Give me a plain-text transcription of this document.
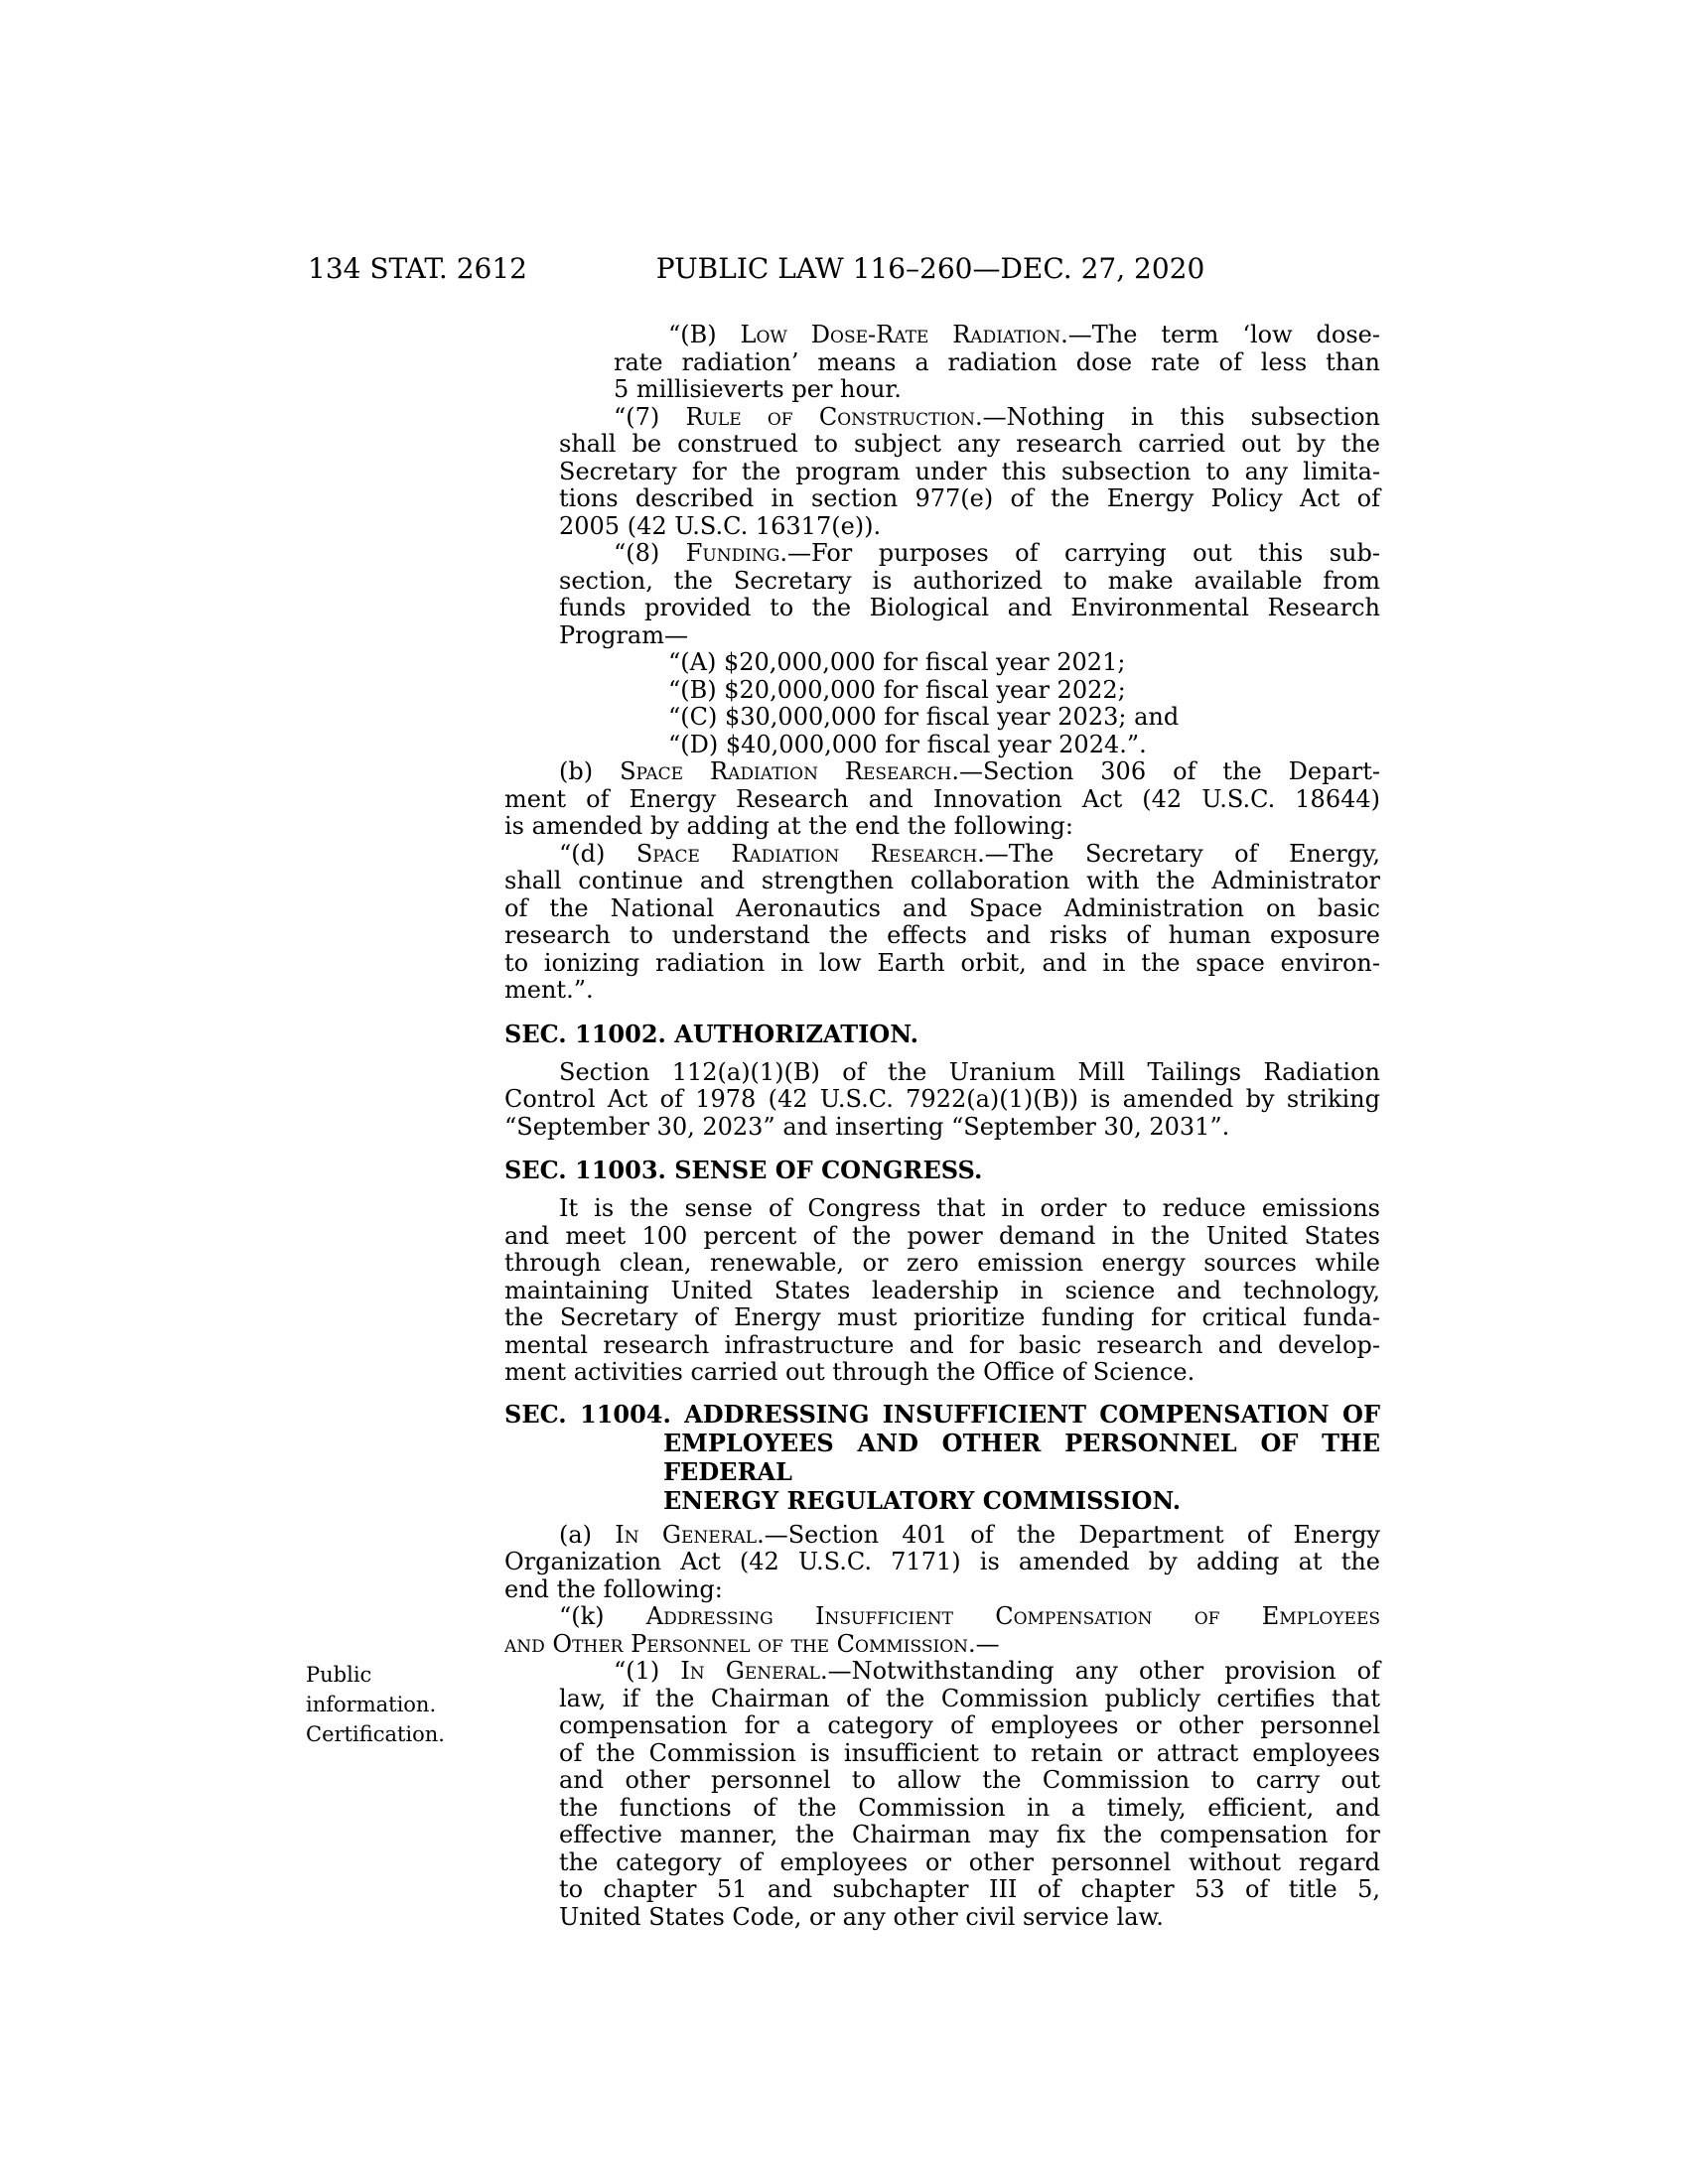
134 STAT. 2612	PUBLIC LAW 116–260—DEC. 27, 2020
“(B) Low Dose-Rate Radiation.—The term ‘low dose-
rate radiation’ means a radiation dose rate of less than
5 millisieverts per hour.
“(7) Rule of Construction.—Nothing in this subsection
shall be construed to subject any research carried out by the
Secretary for the program under this subsection to any limita-
tions described in section 977(e) of the Energy Policy Act of
2005 (42 U.S.C. 16317(e)).
“(8) Funding.—For purposes of carrying out this sub-
section, the Secretary is authorized to make available from
funds provided to the Biological and Environmental Research
Program—
“(A) $20,000,000 for fiscal year 2021;
“(B) $20,000,000 for fiscal year 2022;
“(C) $30,000,000 for fiscal year 2023; and
“(D) $40,000,000 for fiscal year 2024.”.
(b) Space Radiation Research.—Section 306 of the Depart-
ment of Energy Research and Innovation Act (42 U.S.C. 18644)
is amended by adding at the end the following:
“(d) Space Radiation Research.—The Secretary of Energy,
shall continue and strengthen collaboration with the Administrator
of the National Aeronautics and Space Administration on basic
research to understand the effects and risks of human exposure
to ionizing radiation in low Earth orbit, and in the space environ-
ment.”.
SEC. 11002. AUTHORIZATION.
Section 112(a)(1)(B) of the Uranium Mill Tailings Radiation
Control Act of 1978 (42 U.S.C. 7922(a)(1)(B)) is amended by striking
“September 30, 2023” and inserting “September 30, 2031”.
SEC. 11003. SENSE OF CONGRESS.
It is the sense of Congress that in order to reduce emissions
and meet 100 percent of the power demand in the United States
through clean, renewable, or zero emission energy sources while
maintaining United States leadership in science and technology,
the Secretary of Energy must prioritize funding for critical funda-
mental research infrastructure and for basic research and develop-
ment activities carried out through the Office of Science.
SEC. 11004. ADDRESSING INSUFFICIENT COMPENSATION OF
EMPLOYEES AND OTHER PERSONNEL OF THE FEDERAL
ENERGY REGULATORY COMMISSION.
(a) In General.—Section 401 of the Department of Energy
Organization Act (42 U.S.C. 7171) is amended by adding at the
end the following:
“(k) Addressing Insufficient Compensation of Employees
and Other Personnel of the Commission.—
Public
information.
Certification.
“(1) In General.—Notwithstanding any other provision of
law, if the Chairman of the Commission publicly certifies that
compensation for a category of employees or other personnel
of the Commission is insufficient to retain or attract employees
and other personnel to allow the Commission to carry out
the functions of the Commission in a timely, efficient, and
effective manner, the Chairman may fix the compensation for
the category of employees or other personnel without regard
to chapter 51 and subchapter III of chapter 53 of title 5,
United States Code, or any other civil service law.
